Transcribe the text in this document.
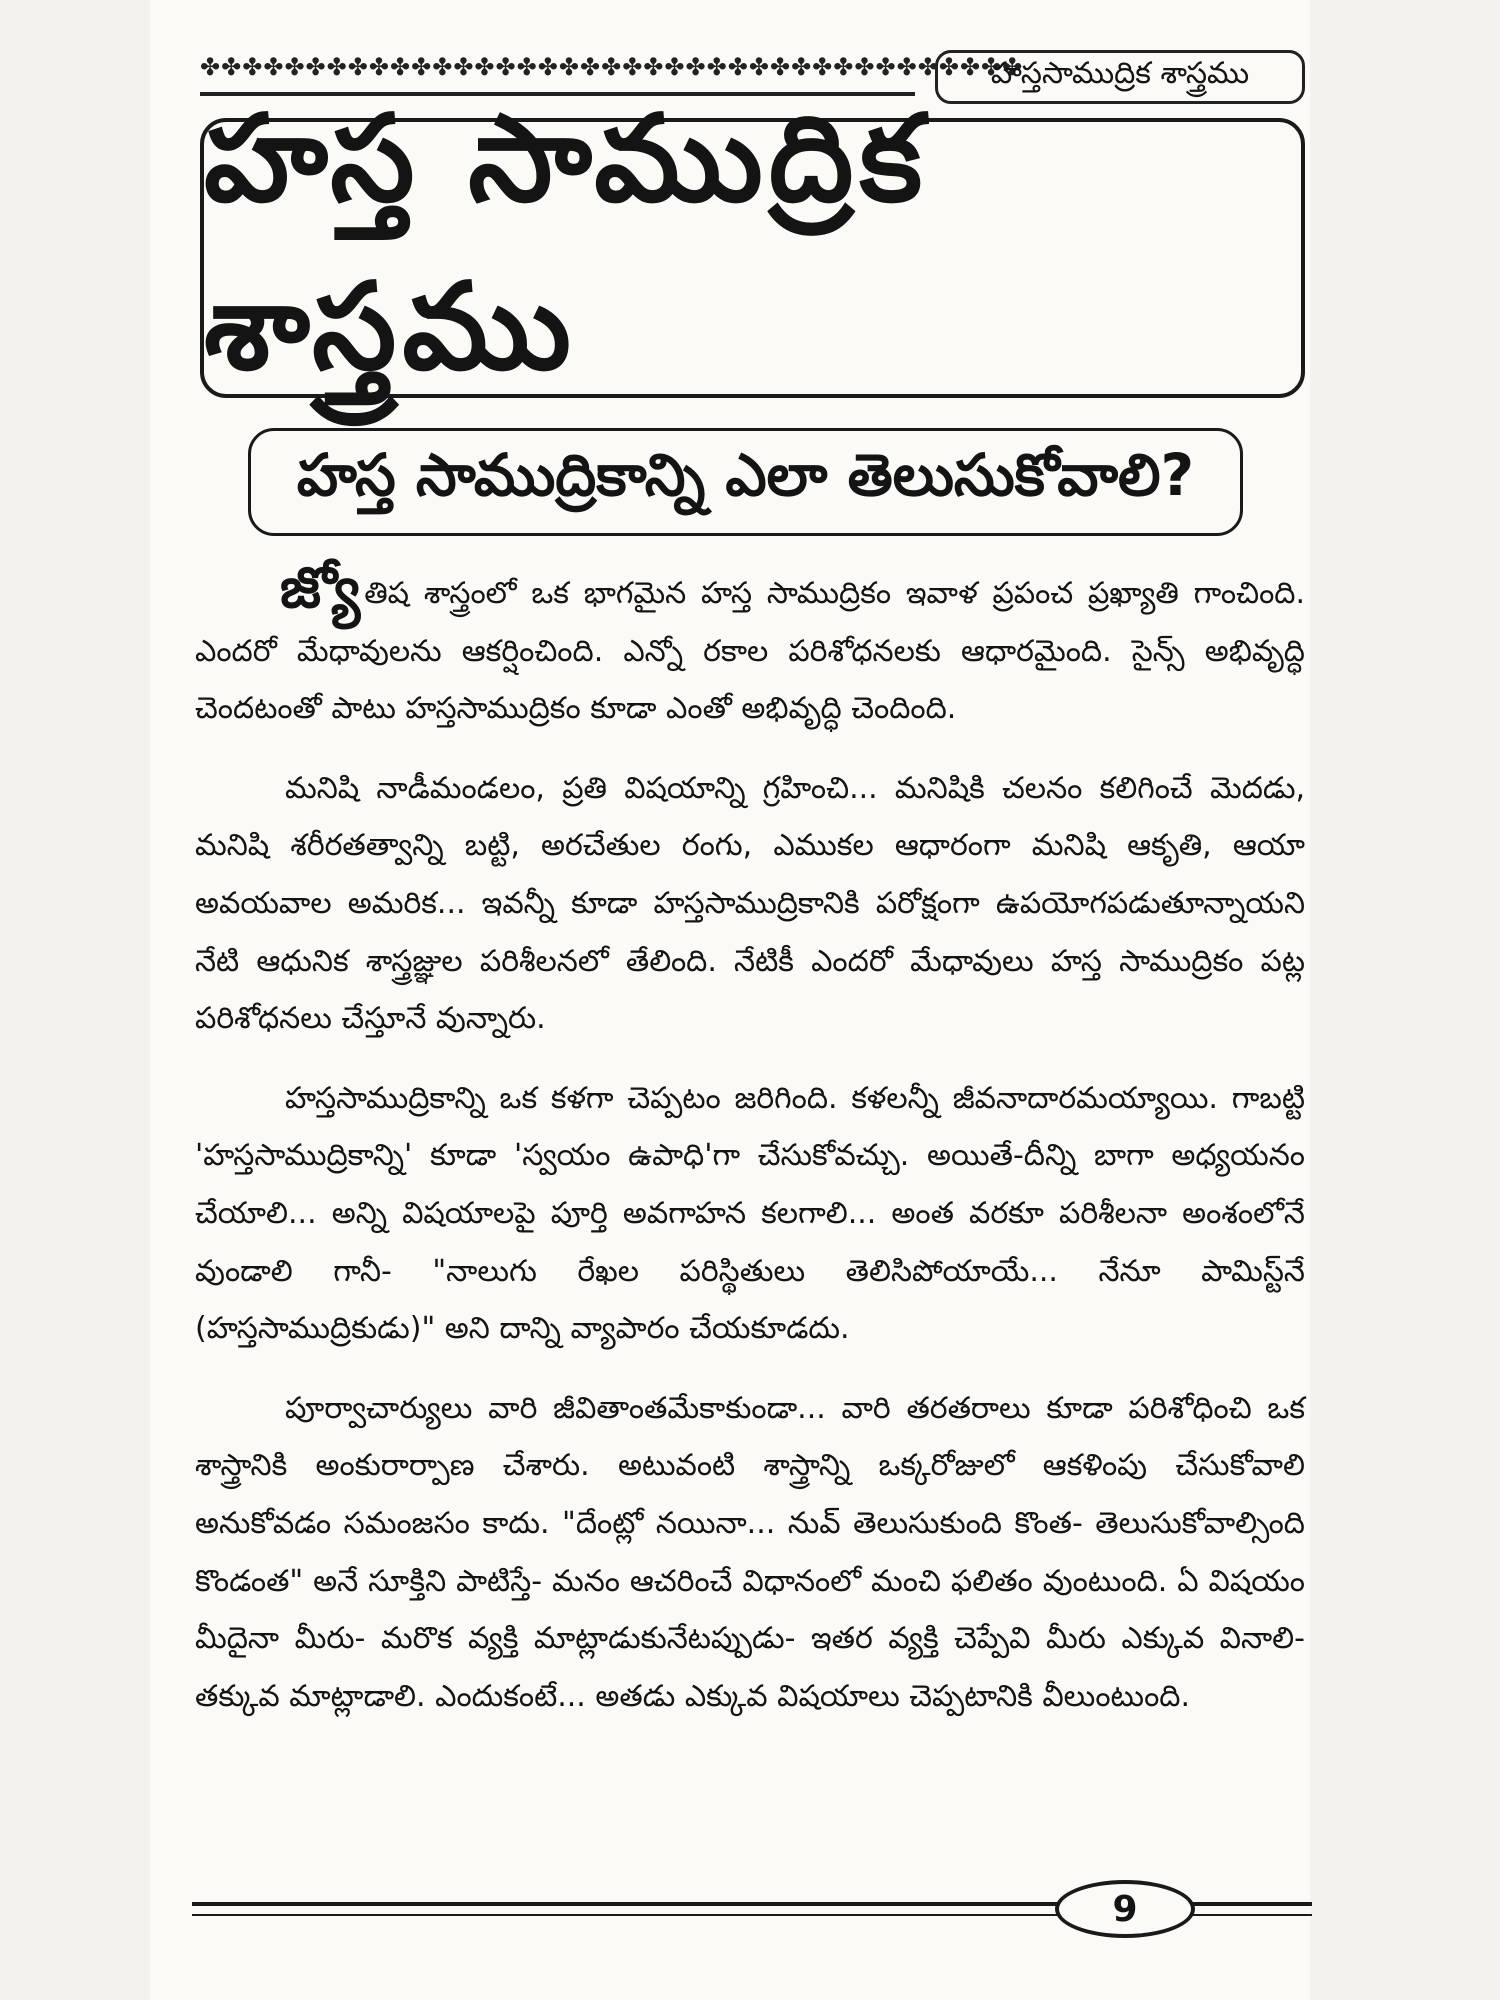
✤✤✤✤✤✤✤✤✤✤✤✤✤✤✤✤✤✤✤✤✤✤✤✤✤✤✤✤✤✤✤✤✤✤✤✤✤✤✤
హస్తసాముద్రిక శాస్త్రము
హస్త సాముద్రిక శాస్త్రము
హస్త సాముద్రికాన్ని ఎలా తెలుసుకోవాలి?

జ్యో తిష శాస్త్రంలో ఒక భాగమైన హస్త సాముద్రికం ఇవాళ ప్రపంచ ప్రఖ్యాతి గాంచింది. ఎందరో మేధావులను ఆకర్షించింది. ఎన్నో రకాల పరిశోధనలకు ఆధారమైంది. సైన్స్ అభివృద్ధి చెందటంతో పాటు హస్తసాముద్రికం కూడా ఎంతో అభివృద్ధి చెందింది.

మనిషి నాడీమండలం, ప్రతి విషయాన్ని గ్రహించి... మనిషికి చలనం కలిగించే మెదడు, మనిషి శరీరతత్వాన్ని బట్టి, అరచేతుల రంగు, ఎముకల ఆధారంగా మనిషి ఆకృతి, ఆయా అవయవాల అమరిక... ఇవన్నీ కూడా హస్తసాముద్రికానికి పరోక్షంగా ఉపయోగపడుతూన్నాయని నేటి ఆధునిక శాస్త్రజ్ఞుల పరిశీలనలో తేలింది. నేటికీ ఎందరో మేధావులు హస్త సాముద్రికం పట్ల పరిశోధనలు చేస్తూనే వున్నారు.

హస్తసాముద్రికాన్ని ఒక కళగా చెప్పటం జరిగింది. కళలన్నీ జీవనాదారమయ్యాయి. గాబట్టి 'హస్తసాముద్రికాన్ని' కూడా 'స్వయం ఉపాధి'గా చేసుకోవచ్చు. అయితే-దీన్ని బాగా అధ్యయనం చేయాలి... అన్ని విషయాలపై పూర్తి అవగాహన కలగాలి... అంత వరకూ పరిశీలనా అంశంలోనే వుండాలి గానీ- "నాలుగు రేఖల పరిస్థితులు తెలిసిపోయాయే... నేనూ పామిస్ట్‌నే (హస్తసాముద్రికుడు)" అని దాన్ని వ్యాపారం చేయకూడదు.

పూర్వాచార్యులు వారి జీవితాంతమేకాకుండా... వారి తరతరాలు కూడా పరిశోధించి ఒక శాస్త్రానికి అంకురార్పాణ చేశారు. అటువంటి శాస్త్రాన్ని ఒక్కరోజులో ఆకళింపు చేసుకోవాలి అనుకోవడం సమంజసం కాదు. "దేంట్లో నయినా... నువ్ తెలుసుకుంది కొంత- తెలుసుకోవాల్సింది కొండంత" అనే సూక్తిని పాటిస్తే- మనం ఆచరించే విధానంలో మంచి ఫలితం వుంటుంది. ఏ విషయం మీదైనా మీరు- మరొక వ్యక్తి మాట్లాడుకునేటప్పుడు- ఇతర వ్యక్తి చెప్పేవి మీరు ఎక్కువ వినాలి- తక్కువ మాట్లాడాలి. ఎందుకంటే... అతడు ఎక్కువ విషయాలు చెప్పటానికి వీలుంటుంది.

9
